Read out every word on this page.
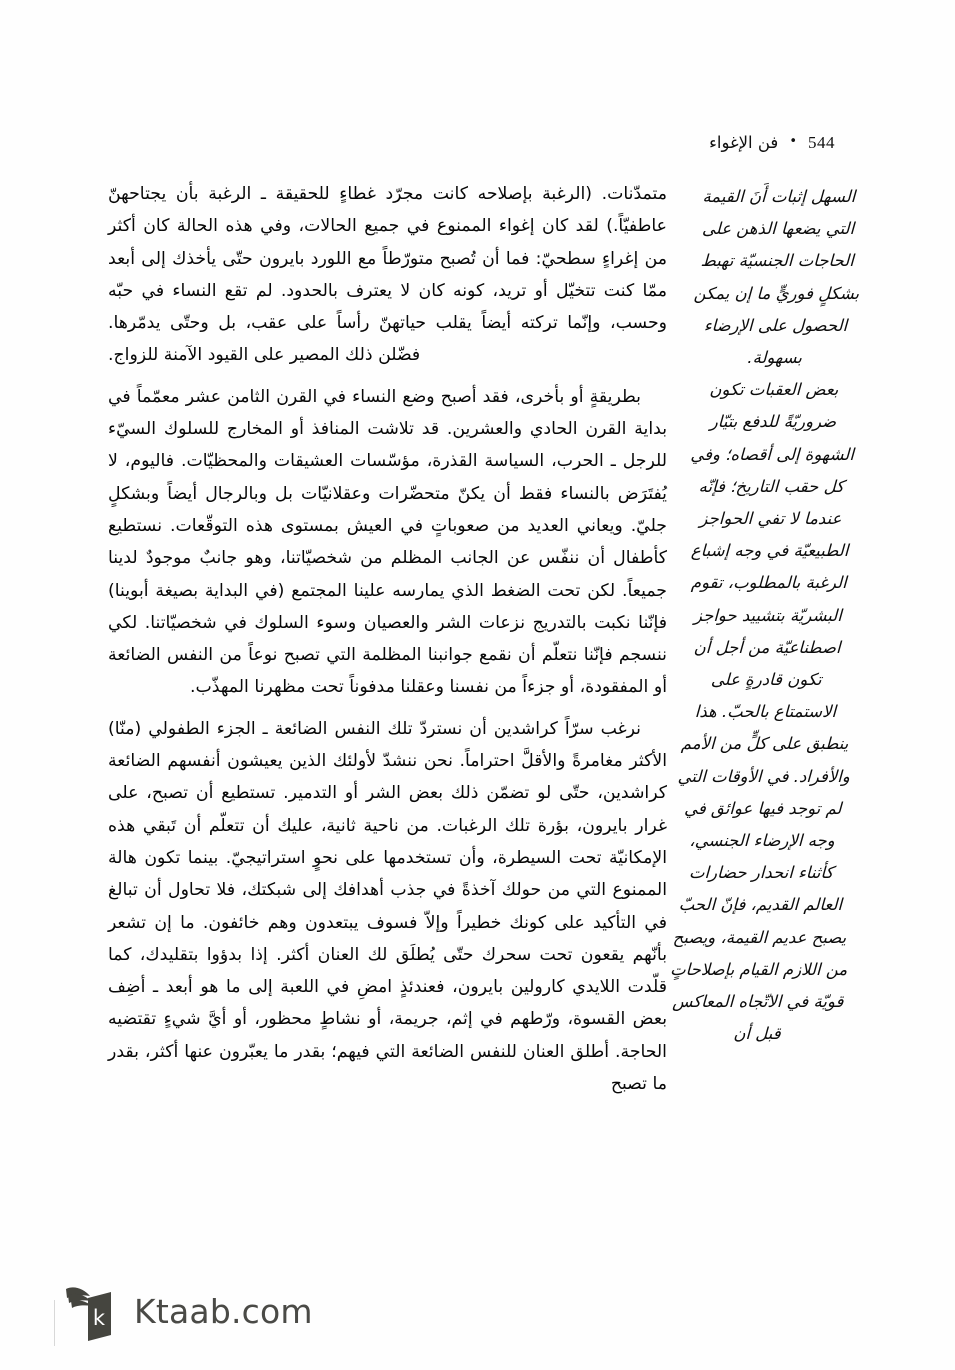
544
•
فن الإغواء

السهل إثبات أَنَ القيمة التي يضعها الذهن على الحاجات الجنسيّة تهبط بشكلٍ فوريٍّ ما إن يمكن الحصول على الإرضاء بسهولة.

بعض العقبات تكون ضروريّةً للدفع بتيّار الشهوة إلى أقصاه؛ وفي كل حقب التاريخ؛ فإنّه عندما لا تفي الحواجز الطبيعيّة في وجه إشباع الرغبة بالمطلوب، تقوم البشريّة بتشييد حواجز اصطناعيّة من أجل أن تكون قادرةٍ على الاستمتاع بالحبّ. هذا ينطبق على كلٍّ من الأمم والأفراد. في الأوقات التي لم توجد فيها عوائق في وجه الإرضاء الجنسي، كأثناء انحدار حضارات العالم القديم، فإنّ الحبّ يصبح عديم القيمة، ويصبح من اللازم القيام بإصلاحاتٍ قويّة في الاتّجاه المعاكس قبل أن

متمدّنات. (الرغبة بإصلاحه كانت مجرّد غطاءٍ للحقيقة ـ الرغبة بأن يجتاحهنّ عاطفيّاً.) لقد كان إغواء الممنوع في جميع الحالات، وفي هذه الحالة كان أكثر من إغراءٍ سطحيّ: فما أن تُصبح متورّطاً مع اللورد بايرون حتّى يأخذك إلى أبعد ممّا كنت تتخيّل أو تريد، كونه كان لا يعترف بالحدود. لم تقع النساء في حبّه وحسب، وإنّما تركته أيضاً يقلب حياتهنّ رأساً على عقب، بل وحتّى يدمّرها. فضّلن ذلك المصير على القيود الآمنة للزواج.

بطريقةٍ أو بأخرى، فقد أصبح وضع النساء في القرن الثامن عشر معمّماً في بداية القرن الحادي والعشرين. قد تلاشت المنافذ أو المخارج للسلوك السيّء للرجل ـ الحرب، السياسة القذرة، مؤسّسات العشيقات والمحظيّات. فاليوم، لا يُفتَرَض بالنساء فقط أن يكنّ متحضّرات وعقلانيّات بل وبالرجال أيضاً وبشكلٍ جليّ. ويعاني العديد من صعوباتٍ في العيش بمستوى هذه التوقّعات. نستطيع كأطفال أن ننفّس عن الجانب المظلم من شخصيّاتنا، وهو جانبٌ موجودٌ لدينا جميعاً. لكن تحت الضغط الذي يمارسه علينا المجتمع (في البداية بصيغة أبوينا) فإنّنا نكبت بالتدريج نزعات الشر والعصيان وسوء السلوك في شخصيّاتنا. لكي ننسجم فإنّنا نتعلّم أن نقمع جوانبنا المظلمة التي تصبح نوعاً من النفس الضائعة أو المفقودة، أو جزءاً من نفسنا وعقلنا مدفوناً تحت مظهرنا المهذّب.

نرغب سرّاً كراشدين أن نستردّ تلك النفس الضائعة ـ الجزء الطفولي (منّا) الأكثر مغامرةً والأقلَّ احتراماً. نحن ننشدّ لأولئك الذين يعيشون أنفسهم الضائعة كراشدين، حتّى لو تضمّن ذلك بعض الشر أو التدمير. تستطيع أن تصبح، على غرار بايرون، بؤرة تلك الرغبات. من ناحية ثانية، عليك أن تتعلّم أن تَبقي هذه الإمكانيّة تحت السيطرة، وأن تستخدمها على نحوٍ استراتيجيّ. بينما تكون هالة الممنوع التي من حولك آخذةً في جذب أهدافك إلى شبكتك، فلا تحاول أن تبالغ في التأكيد على كونك خطيراً وإلاّ فسوف يبتعدون وهم خائفون. ما إن تشعر بأنّهم يقعون تحت سحرك حتّى يُطلَق لك العنان أكثر. إذا بدؤوا بتقليدك، كما قلّدت اللايدي كارولين بايرون، فعندئذٍ امضِ في اللعبة إلى ما هو أبعد ـ أضِف بعض القسوة، ورّطهم في إثم، جريمة، أو نشاطٍ محظور، أو أيَّ شيءٍ تقتضيه الحاجة. أطلق العنان للنفس الضائعة التي فيهم؛ بقدر ما يعبّرون عنها أكثر، بقدر ما تصبح

k Ktaab.com
